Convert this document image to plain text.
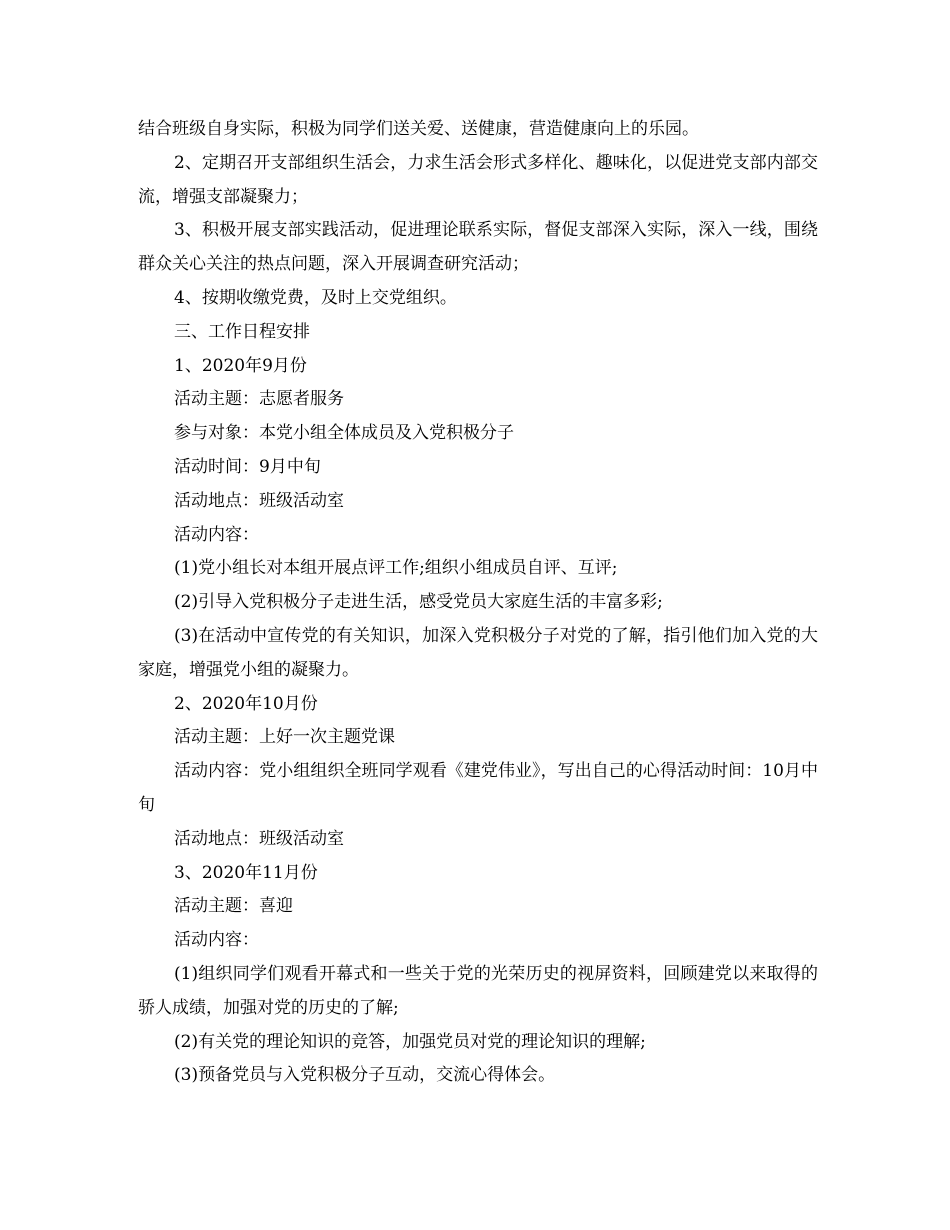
结合班级自身实际，积极为同学们送关爱、送健康，营造健康向上的乐园。

2、定期召开支部组织生活会，力求生活会形式多样化、趣味化，以促进党支部内部交流，增强支部凝聚力；

3、积极开展支部实践活动，促进理论联系实际，督促支部深入实际，深入一线，围绕群众关心关注的热点问题，深入开展调查研究活动；

4、按期收缴党费，及时上交党组织。

三、工作日程安排

1、2020年9月份

活动主题：志愿者服务

参与对象：本党小组全体成员及入党积极分子

活动时间：9月中旬

活动地点：班级活动室

活动内容：

(1)党小组长对本组开展点评工作;组织小组成员自评、互评;

(2)引导入党积极分子走进生活，感受党员大家庭生活的丰富多彩;

(3)在活动中宣传党的有关知识，加深入党积极分子对党的了解，指引他们加入党的大家庭，增强党小组的凝聚力。

2、2020年10月份

活动主题：上好一次主题党课

活动内容：党小组组织全班同学观看《建党伟业》，写出自己的心得活动时间：10月中旬

活动地点：班级活动室

3、2020年11月份

活动主题：喜迎

活动内容：

(1)组织同学们观看开幕式和一些关于党的光荣历史的视屏资料，回顾建党以来取得的骄人成绩，加强对党的历史的了解;

(2)有关党的理论知识的竞答，加强党员对党的理论知识的理解;

(3)预备党员与入党积极分子互动，交流心得体会。
